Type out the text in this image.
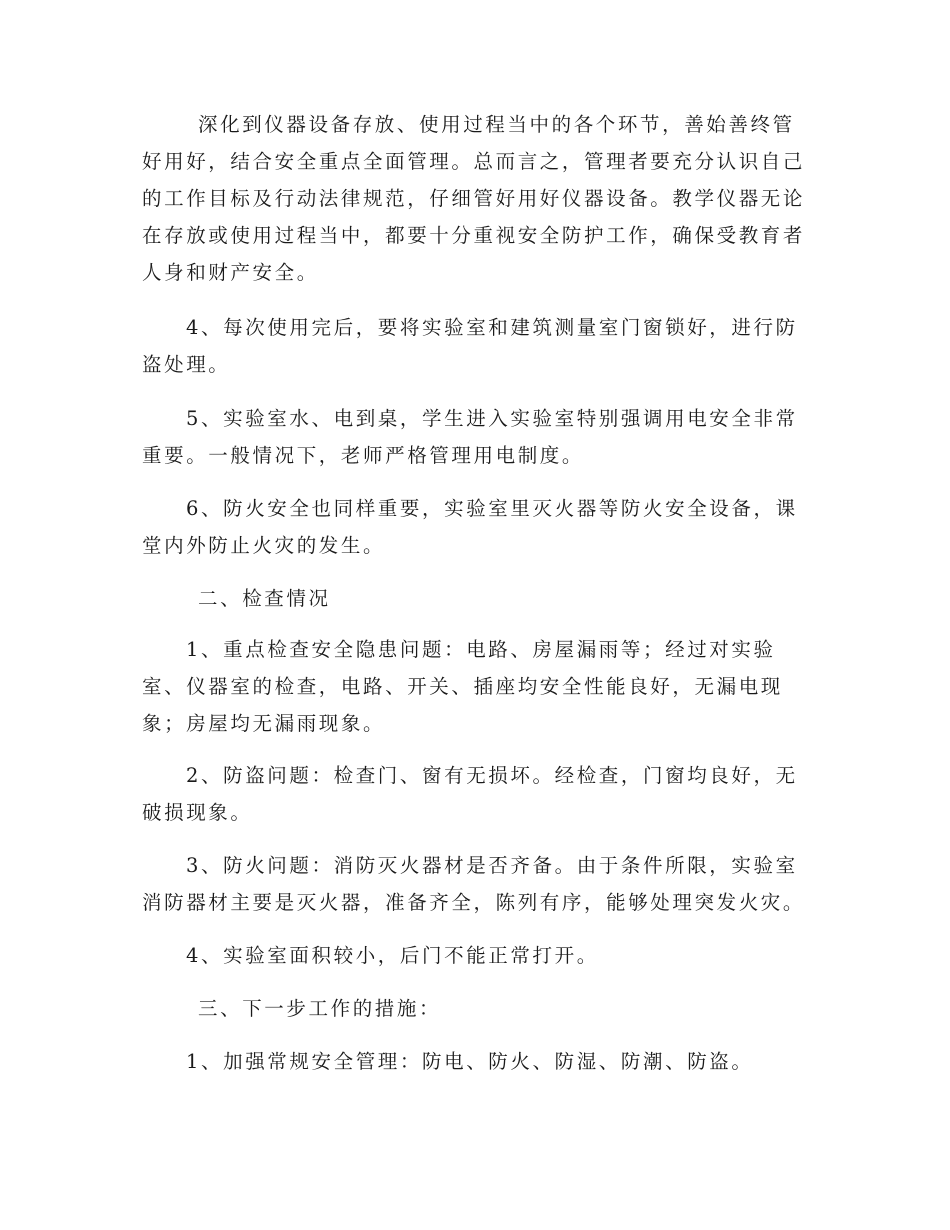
深化到仪器设备存放、使用过程当中的各个环节，善始善终管好用好，结合安全重点全面管理。总而言之，管理者要充分认识自己的工作目标及行动法律规范，仔细管好用好仪器设备。教学仪器无论在存放或使用过程当中，都要十分重视安全防护工作，确保受教育者人身和财产安全。

4、每次使用完后，要将实验室和建筑测量室门窗锁好，进行防盗处理。

5、实验室水、电到桌，学生进入实验室特别强调用电安全非常重要。一般情况下，老师严格管理用电制度。

6、防火安全也同样重要，实验室里灭火器等防火安全设备，课堂内外防止火灾的发生。

二、检查情况

1、重点检查安全隐患问题：电路、房屋漏雨等；经过对实验室、仪器室的检查，电路、开关、插座均安全性能良好，无漏电现象；房屋均无漏雨现象。

2、防盗问题：检查门、窗有无损坏。经检查，门窗均良好，无破损现象。

3、防火问题：消防灭火器材是否齐备。由于条件所限，实验室消防器材主要是灭火器，准备齐全，陈列有序，能够处理突发火灾。

4、实验室面积较小，后门不能正常打开。

三、下一步工作的措施：

1、加强常规安全管理：防电、防火、防湿、防潮、防盗。
